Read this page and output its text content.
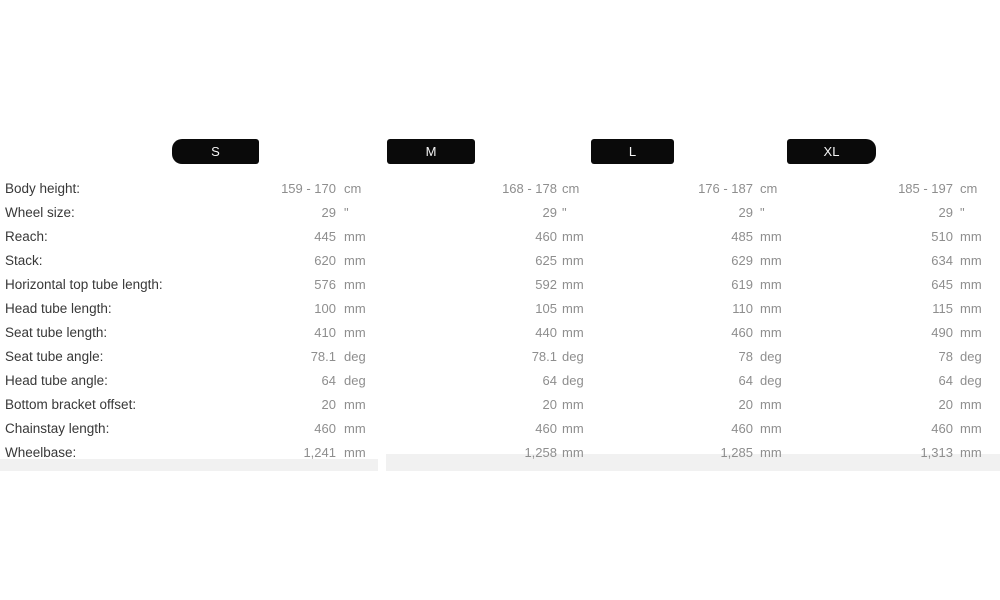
S	M	L	XL
Body height:	159 - 170 cm	168 - 178 cm	176 - 187 cm	185 - 197 cm
Wheel size:	29 "	29 "	29 "	29 "
Reach:	445 mm	460 mm	485 mm	510 mm
Stack:	620 mm	625 mm	629 mm	634 mm
Horizontal top tube length:	576 mm	592 mm	619 mm	645 mm
Head tube length:	100 mm	105 mm	110 mm	115 mm
Seat tube length:	410 mm	440 mm	460 mm	490 mm
Seat tube angle:	78.1 deg	78.1 deg	78 deg	78 deg
Head tube angle:	64 deg	64 deg	64 deg	64 deg
Bottom bracket offset:	20 mm	20 mm	20 mm	20 mm
Chainstay length:	460 mm	460 mm	460 mm	460 mm
Wheelbase:	1,241 mm	1,258 mm	1,285 mm	1,313 mm
